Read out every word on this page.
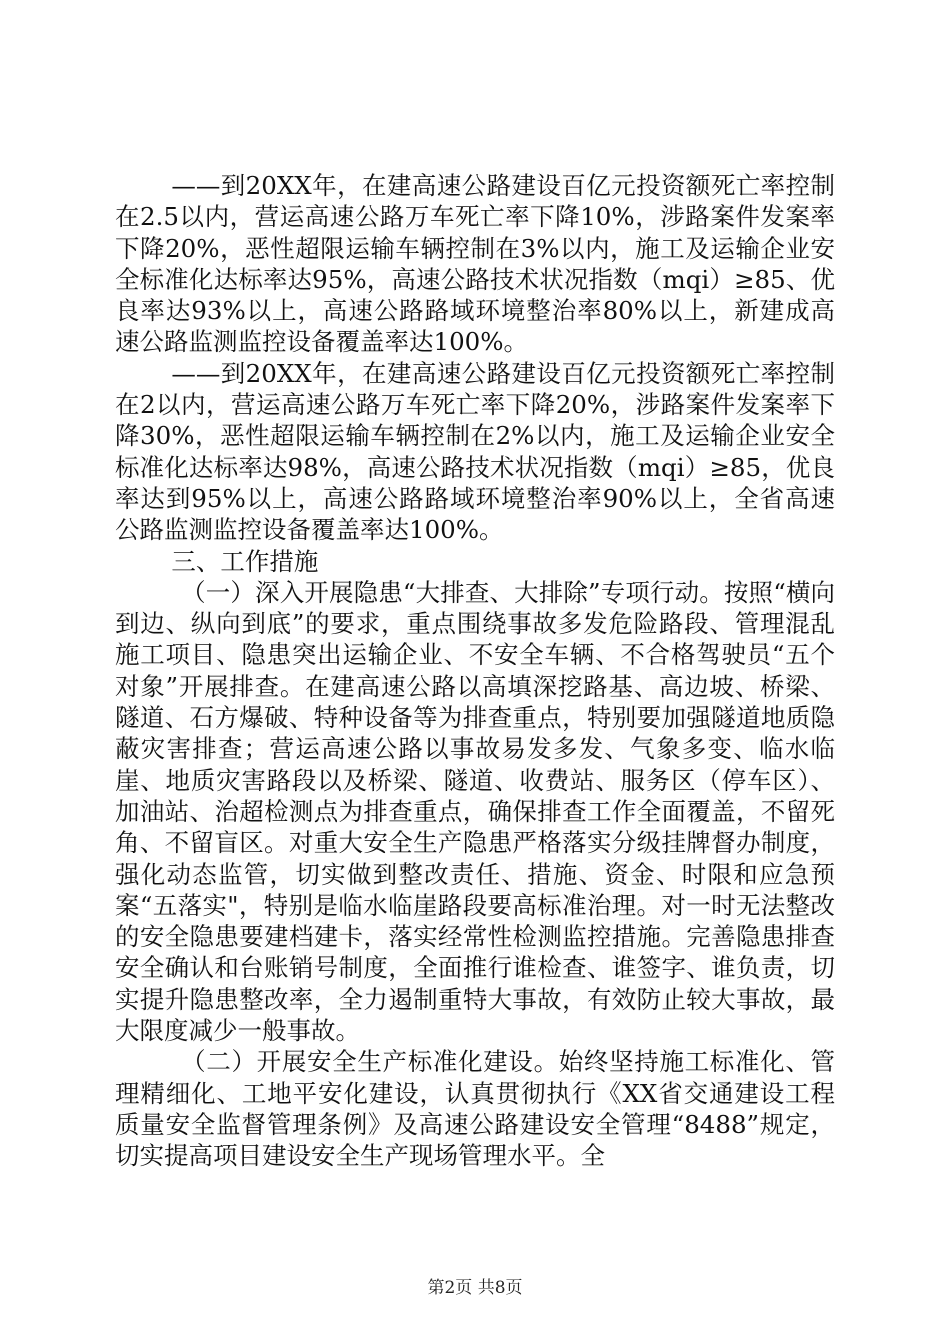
——到20XX年，在建高速公路建设百亿元投资额死亡率控制在2.5以内，营运高速公路万车死亡率下降10%，涉路案件发案率下降20%，恶性超限运输车辆控制在3%以内，施工及运输企业安全标准化达标率达95%，高速公路技术状况指数（mqi）≥85、优良率达93%以上，高速公路路域环境整治率80%以上，新建成高速公路监测监控设备覆盖率达100%。

——到20XX年，在建高速公路建设百亿元投资额死亡率控制在2以内，营运高速公路万车死亡率下降20%，涉路案件发案率下降30%，恶性超限运输车辆控制在2%以内，施工及运输企业安全标准化达标率达98%，高速公路技术状况指数（mqi）≥85，优良率达到95%以上，高速公路路域环境整治率90%以上，全省高速公路监测监控设备覆盖率达100%。

三、工作措施

（一）深入开展隐患“大排查、大排除”专项行动。按照“横向到边、纵向到底”的要求，重点围绕事故多发危险路段、管理混乱施工项目、隐患突出运输企业、不安全车辆、不合格驾驶员“五个对象”开展排查。在建高速公路以高填深挖路基、高边坡、桥梁、隧道、石方爆破、特种设备等为排查重点，特别要加强隧道地质隐蔽灾害排查；营运高速公路以事故易发多发、气象多变、临水临崖、地质灾害路段以及桥梁、隧道、收费站、服务区（停车区）、加油站、治超检测点为排查重点，确保排查工作全面覆盖，不留死角、不留盲区。对重大安全生产隐患严格落实分级挂牌督办制度，强化动态监管，切实做到整改责任、措施、资金、时限和应急预案“五落实"，特别是临水临崖路段要高标准治理。对一时无法整改的安全隐患要建档建卡，落实经常性检测监控措施。完善隐患排查安全确认和台账销号制度，全面推行谁检查、谁签字、谁负责，切实提升隐患整改率，全力遏制重特大事故，有效防止较大事故，最大限度减少一般事故。

（二）开展安全生产标准化建设。始终坚持施工标准化、管理精细化、工地平安化建设，认真贯彻执行《XX省交通建设工程质量安全监督管理条例》及高速公路建设安全管理“8488”规定，切实提高项目建设安全生产现场管理水平。全

第2页 共8页
